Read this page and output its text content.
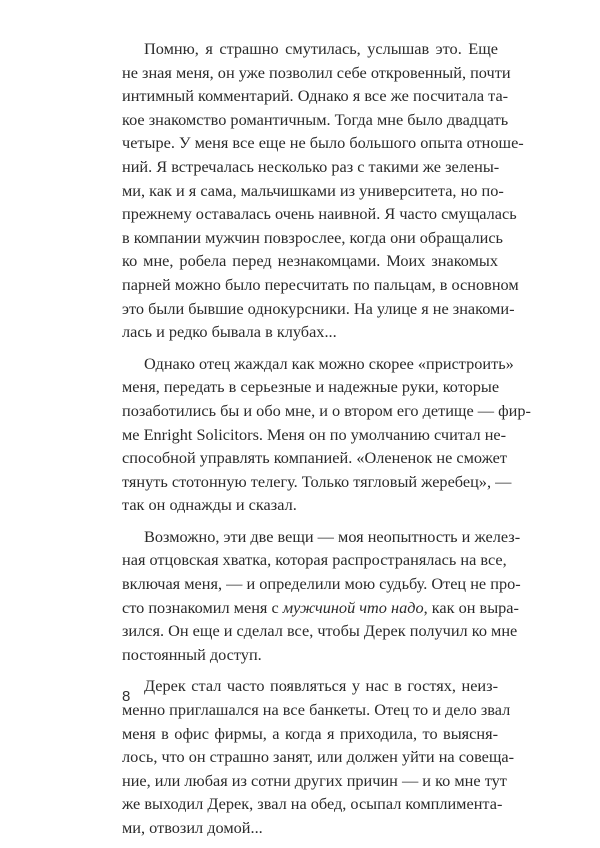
Помню, я страшно смутилась, услышав это. Еще
не зная меня, он уже позволил себе откровенный, почти
интимный комментарий. Однако я все же посчитала та-
кое знакомство романтичным. Тогда мне было двадцать
четыре. У меня все еще не было большого опыта отноше-
ний. Я встречалась несколько раз с такими же зелены-
ми, как и я сама, мальчишками из университета, но по-
прежнему оставалась очень наивной. Я часто смущалась
в компании мужчин повзрослее, когда они обращались
ко мне, робела перед незнакомцами. Моих знакомых
парней можно было пересчитать по пальцам, в основном
это были бывшие однокурсники. На улице я не знакоми-
лась и редко бывала в клубах...

Однако отец жаждал как можно скорее «пристроить»
меня, передать в серьезные и надежные руки, которые
позаботились бы и обо мне, и о втором его детище — фир-
ме Enright Solicitors. Меня он по умолчанию считал не-
способной управлять компанией. «Олененок не сможет
тянуть стотонную телегу. Только тягловый жеребец», —
так он однажды и сказал.

Возможно, эти две вещи — моя неопытность и желез-
ная отцовская хватка, которая распространялась на все,
включая меня, — и определили мою судьбу. Отец не про-
сто познакомил меня с мужчиной что надо, как он выра-
зился. Он еще и сделал все, чтобы Дерек получил ко мне
постоянный доступ.

Дерек стал часто появляться у нас в гостях, неиз-
менно приглашался на все банкеты. Отец то и дело звал
меня в офис фирмы, а когда я приходила, то выясня-
лось, что он страшно занят, или должен уйти на совеща-
ние, или любая из сотни других причин — и ко мне тут
же выходил Дерек, звал на обед, осыпал комплимента-
ми, отвозил домой...

8
